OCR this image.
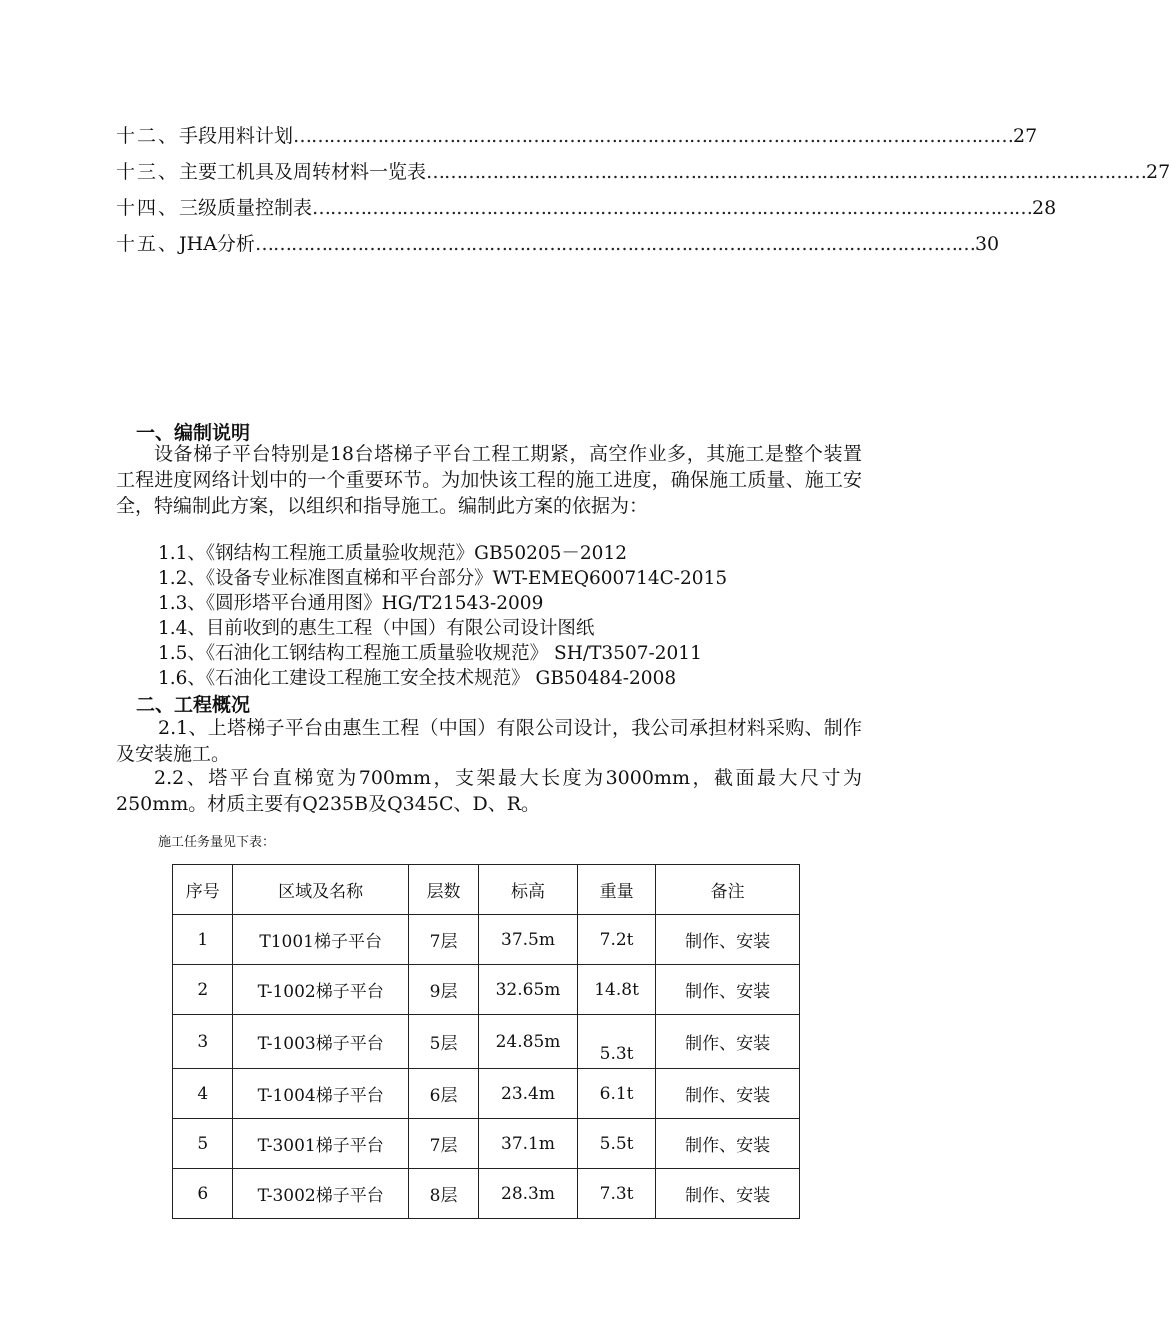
十二、 手段用料计划 ………………………………………………………………………………………………………… 27
十三、 主要工机具及周转材料一览表 ………………………………………………………………………………………………………… 27
十四、 三级质量控制表 ………………………………………………………………………………………………………… 28
十五、 JHA分析 ………………………………………………………………………………………………………… 30
一、编制说明
设备梯子平台特别是18台塔梯子平台工程工期紧，高空作业多，其施工是整个装置工程进度网络计划中的一个重要环节。为加快该工程的施工进度，确保施工质量、施工安全，特编制此方案，以组织和指导施工。编制此方案的依据为：
1.1、《钢结构工程施工质量验收规范》GB50205－2012
1.2、《设备专业标准图直梯和平台部分》WT-EMEQ600714C-2015
1.3、《圆形塔平台通用图》HG/T21543-2009
1.4、目前收到的惠生工程（中国）有限公司设计图纸
1.5、《石油化工钢结构工程施工质量验收规范》 SH/T3507-2011
1.6、《石油化工建设工程施工安全技术规范》 GB50484-2008
二、工程概况
2.1、上塔梯子平台由惠生工程（中国）有限公司设计，我公司承担材料采购、制作及安装施工。
2.2、塔平台直梯宽为700mm，支架最大长度为3000mm，截面最大尺寸为250mm。材质主要有Q235B及Q345C、D、R。
施工任务量见下表：
序号	区域及名称	层数	标高	重量	备注
1	T1001梯子平台	7层	37.5m	7.2t	制作、安装
2	T-1002梯子平台	9层	32.65m	14.8t	制作、安装
3	T-1003梯子平台	5层	24.85m	5.3t	制作、安装
4	T-1004梯子平台	6层	23.4m	6.1t	制作、安装
5	T-3001梯子平台	7层	37.1m	5.5t	制作、安装
6	T-3002梯子平台	8层	28.3m	7.3t	制作、安装
